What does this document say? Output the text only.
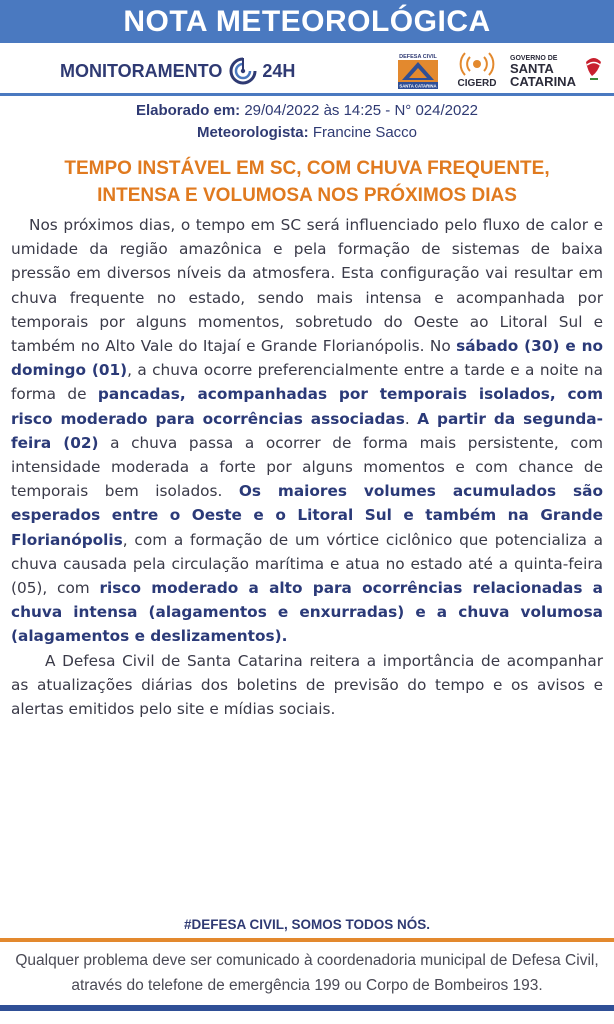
NOTA METEOROLÓGICA
MONITORAMENTO 24H
DEFESA CIVIL
SANTA CATARINA CIGERD
GOVERNO DE
SANTA
CATARINA
Elaborado em: 29/04/2022 às 14:25 - N° 024/2022
Meteorologista: Francine Sacco
TEMPO INSTÁVEL EM SC, COM CHUVA FREQUENTE,
INTENSA E VOLUMOSA NOS PRÓXIMOS DIAS

Nos próximos dias, o tempo em SC será influenciado pelo fluxo de calor e umidade da região amazônica e pela formação de sistemas de baixa pressão em diversos níveis da atmosfera. Esta configuração vai resultar em chuva frequente no estado, sendo mais intensa e acompanhada por temporais por alguns momentos, sobretudo do Oeste ao Litoral Sul e também no Alto Vale do Itajaí e Grande Florianópolis. No sábado (30) e no domingo (01), a chuva ocorre preferencialmente entre a tarde e a noite na forma de pancadas, acompanhadas por temporais isolados, com risco moderado para ocorrências associadas. A partir da segunda-feira (02) a chuva passa a ocorrer de forma mais persistente, com intensidade moderada a forte por alguns momentos e com chance de temporais bem isolados. Os maiores volumes acumulados são esperados entre o Oeste e o Litoral Sul e também na Grande Florianópolis, com a formação de um vórtice ciclônico que potencializa a chuva causada pela circulação marítima e atua no estado até a quinta-feira (05), com risco moderado a alto para ocorrências relacionadas a chuva intensa (alagamentos e enxurradas) e a chuva volumosa (alagamentos e deslizamentos).

A Defesa Civil de Santa Catarina reitera a importância de acompanhar as atualizações diárias dos boletins de previsão do tempo e os avisos e alertas emitidos pelo site e mídias sociais.

#DEFESA CIVIL, SOMOS TODOS NÓS.
Qualquer problema deve ser comunicado à coordenadoria municipal de Defesa Civil,
através do telefone de emergência 199 ou Corpo de Bombeiros 193.
